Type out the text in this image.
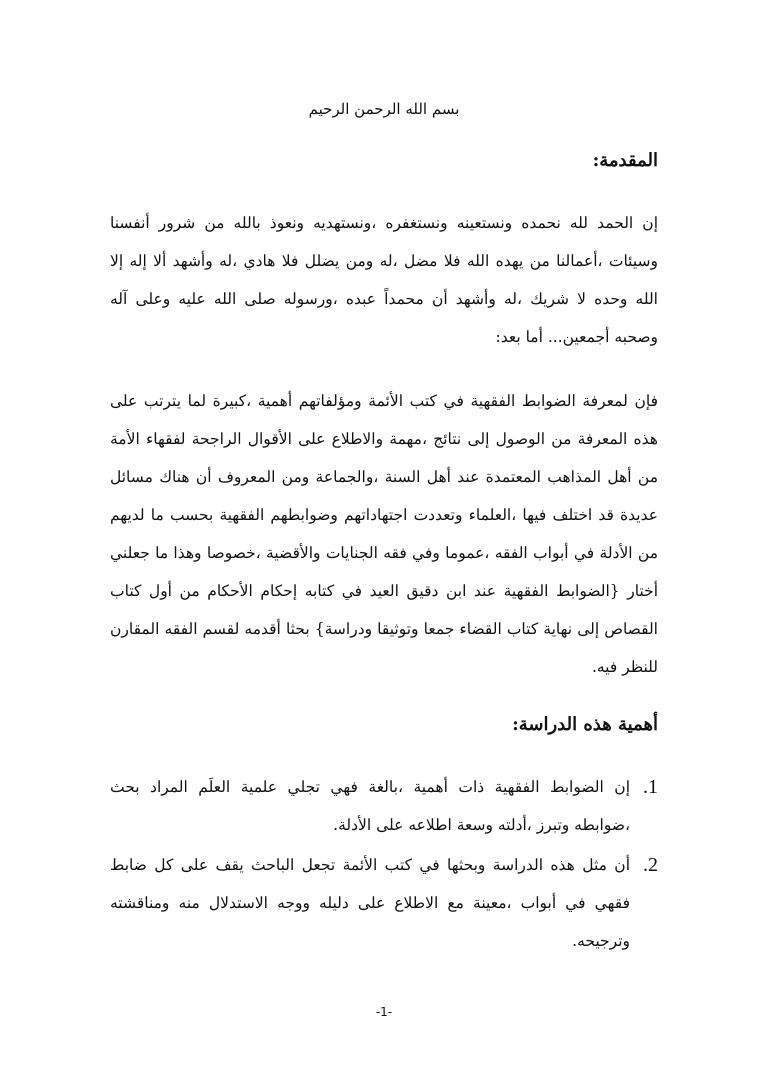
بسم الله الرحمن الرحيم
المقدمة:
إن الحمد لله نحمده ونستعينه ونستغفره ،ونستهديه ونعوذ بالله من شرور أنفسنا
وسيئات ،أعمالنا من يهده الله فلا مضل ،له ومن يضلل فلا هادي ،له وأشهد ألا إله إلا
الله وحده لا شريك ،له وأشهد أن محمداً عبده ،ورسوله صلى الله عليه وعلى آله
وصحبه أجمعين... أما بعد:
فإن لمعرفة الضوابط الفقهية في كتب الأئمة ومؤلفاتهم أهمية ،كبيرة لما يترتب على
هذه المعرفة من الوصول إلى نتائج ،مهمة والاطلاع على الأقوال الراجحة لفقهاء الأمة
من أهل المذاهب المعتمدة عند أهل السنة ،والجماعة ومن المعروف أن هناك مسائل
عديدة قد اختلف فيها ،العلماء وتعددت اجتهاداتهم وضوابطهم الفقهية بحسب ما لديهم
من الأدلة في أبواب الفقه ،عموما وفي فقه الجنايات والأقضية ،خصوصا وهذا ما جعلني
أختار {الضوابط الفقهية عند ابن دقيق العيد في كتابه إحكام الأحكام من أول كتاب
القصاص إلى نهاية كتاب القضاء جمعا وتوثيقا ودراسة} بحثا أقدمه لقسم الفقه المقارن
للنظر فيه.
أهمية هذه الدراسة:
1.
إن الضوابط الفقهية ذات أهمية ،بالغة فهي تجلي علمية العلَم المراد بحث
،ضوابطه وتبرز ،أدلته وسعة اطلاعه على الأدلة.
2.
أن مثل هذه الدراسة وبحثها في كتب الأئمة تجعل الباحث يقف على كل ضابط
فقهي في أبواب ،معينة مع الاطلاع على دليله ووجه الاستدلال منه ومناقشته
وترجيحه.
-1-
